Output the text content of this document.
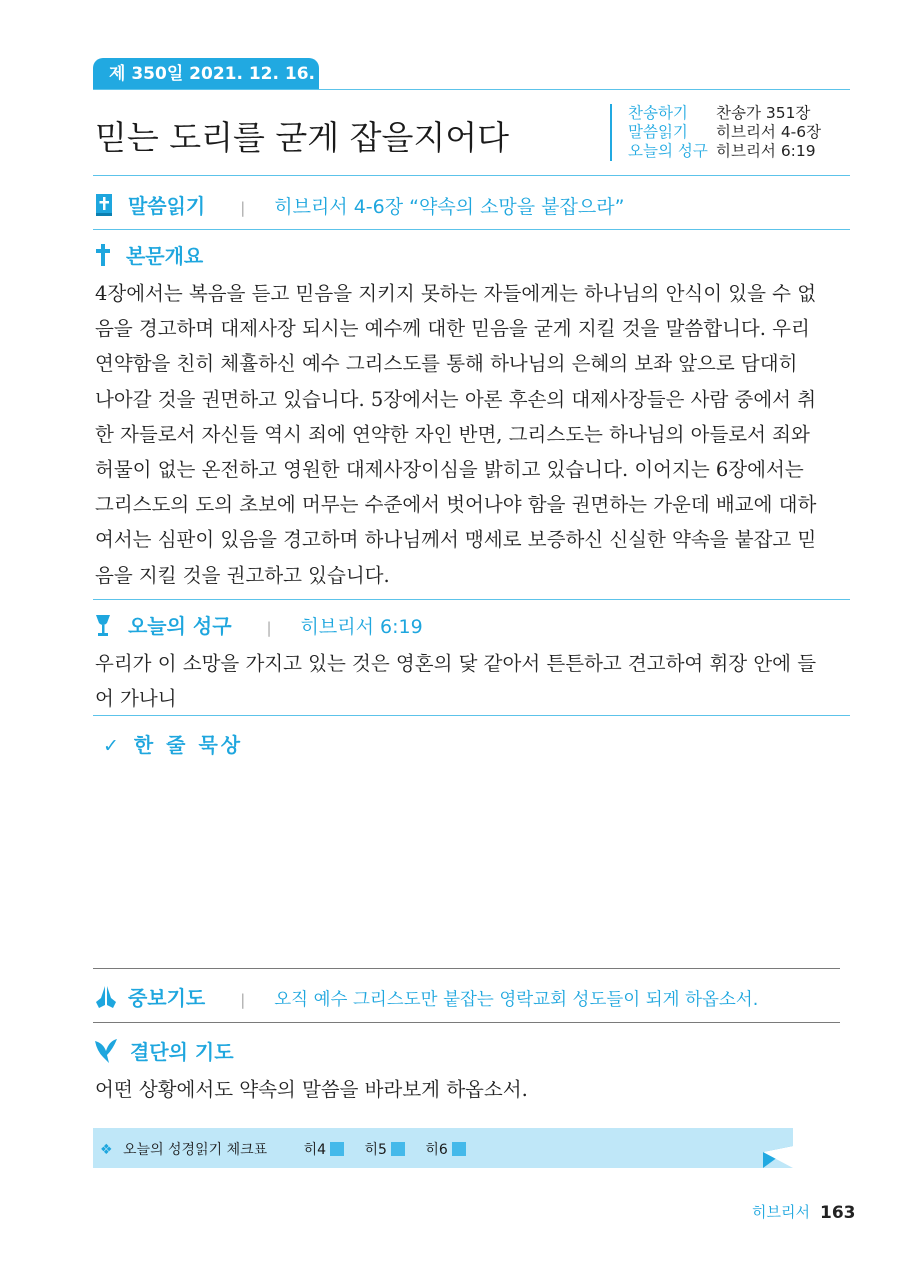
제 350일 2021. 12. 16. 목
믿는 도리를 굳게 잡을지어다
찬송하기 찬송가 351장
말씀읽기 히브리서 4-6장
오늘의 성구 히브리서 6:19
말씀읽기 | 히브리서 4-6장 “약속의 소망을 붙잡으라”
본문개요
4장에서는 복음을 듣고 믿음을 지키지 못하는 자들에게는 하나님의 안식이 있을 수 없
음을 경고하며 대제사장 되시는 예수께 대한 믿음을 굳게 지킬 것을 말씀합니다. 우리
연약함을 친히 체휼하신 예수 그리스도를 통해 하나님의 은혜의 보좌 앞으로 담대히
나아갈 것을 권면하고 있습니다. 5장에서는 아론 후손의 대제사장들은 사람 중에서 취
한 자들로서 자신들 역시 죄에 연약한 자인 반면, 그리스도는 하나님의 아들로서 죄와
허물이 없는 온전하고 영원한 대제사장이심을 밝히고 있습니다. 이어지는 6장에서는
그리스도의 도의 초보에 머무는 수준에서 벗어나야 함을 권면하는 가운데 배교에 대하
여서는 심판이 있음을 경고하며 하나님께서 맹세로 보증하신 신실한 약속을 붙잡고 믿
음을 지킬 것을 권고하고 있습니다.
오늘의 성구 | 히브리서 6:19
우리가 이 소망을 가지고 있는 것은 영혼의 닻 같아서 튼튼하고 견고하여 휘장 안에 들
어 가나니
✓ 한 줄 묵상
중보기도 | 오직 예수 그리스도만 붙잡는 영락교회 성도들이 되게 하옵소서.
결단의 기도
어떤 상황에서도 약속의 말씀을 바라보게 하옵소서.
❖ 오늘의 성경읽기 체크표	히4	히5	히6
히브리서 163
